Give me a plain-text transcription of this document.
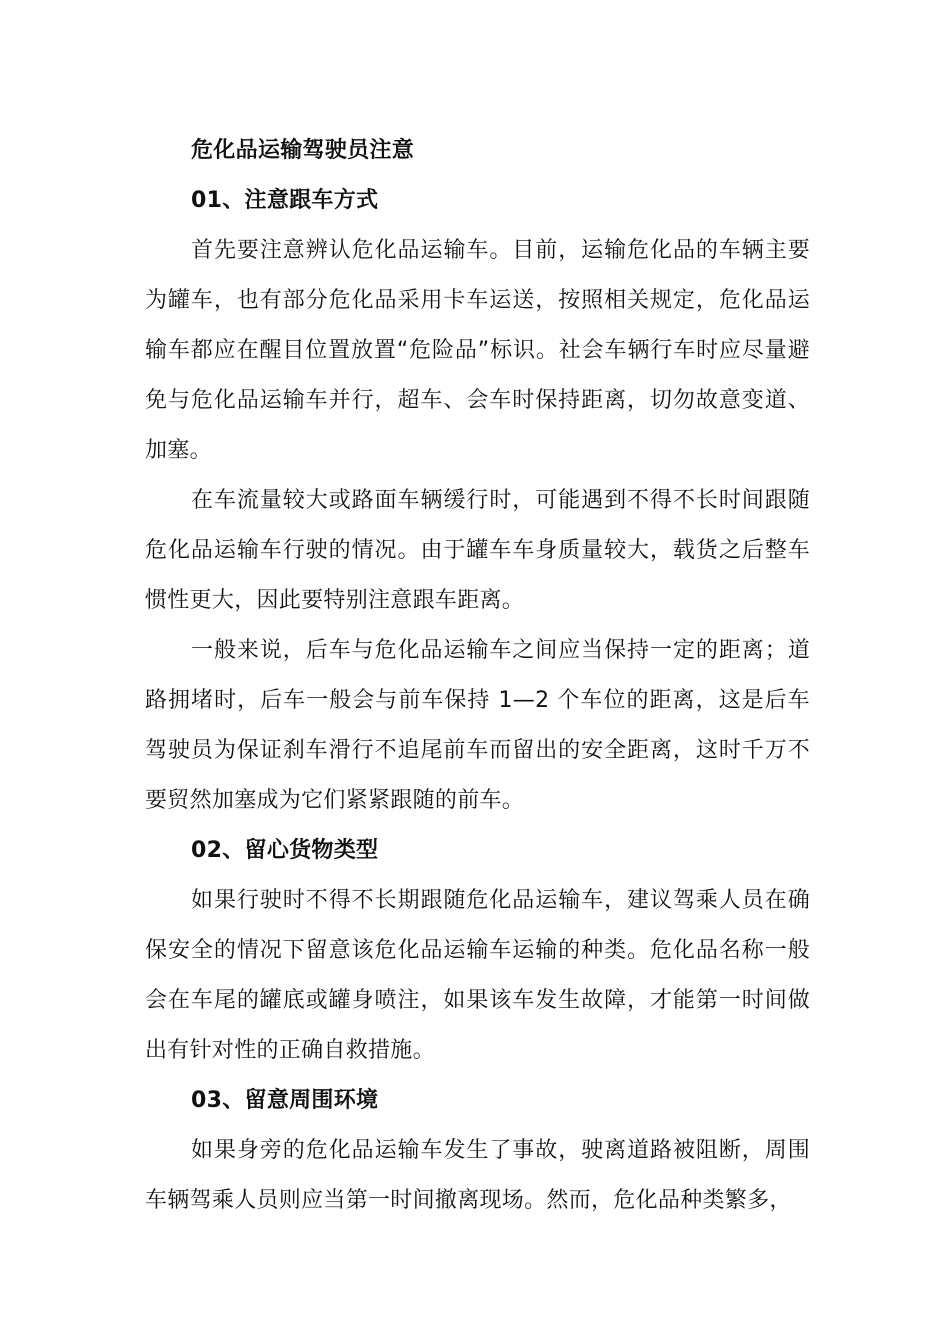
危化品运输驾驶员注意

01、注意跟车方式

首先要注意辨认危化品运输车。目前，运输危化品的车辆主要为罐车，也有部分危化品采用卡车运送，按照相关规定，危化品运输车都应在醒目位置放置“危险品”标识。社会车辆行车时应尽量避免与危化品运输车并行，超车、会车时保持距离，切勿故意变道、加塞。

在车流量较大或路面车辆缓行时，可能遇到不得不长时间跟随危化品运输车行驶的情况。由于罐车车身质量较大，载货之后整车惯性更大，因此要特别注意跟车距离。

一般来说，后车与危化品运输车之间应当保持一定的距离；道路拥堵时，后车一般会与前车保持 1—2 个车位的距离，这是后车驾驶员为保证刹车滑行不追尾前车而留出的安全距离，这时千万不要贸然加塞成为它们紧紧跟随的前车。

02、留心货物类型

如果行驶时不得不长期跟随危化品运输车，建议驾乘人员在确保安全的情况下留意该危化品运输车运输的种类。危化品名称一般会在车尾的罐底或罐身喷注，如果该车发生故障，才能第一时间做出有针对性的正确自救措施。

03、留意周围环境

如果身旁的危化品运输车发生了事故，驶离道路被阻断，周围车辆驾乘人员则应当第一时间撤离现场。然而，危化品种类繁多，
